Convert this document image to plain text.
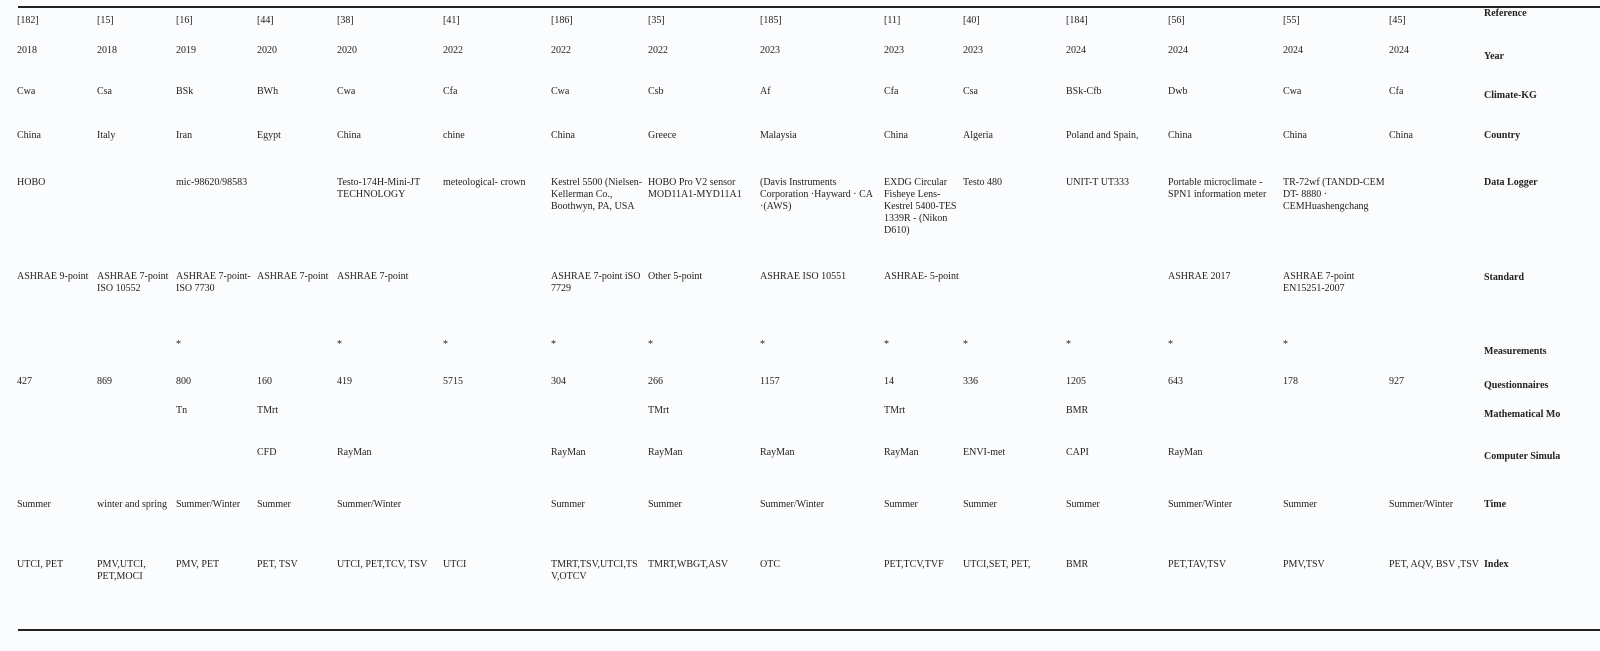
[182]	[15]	[16]	[44]	[38]	[41]	[186]	[35]	[185]	[11]	[40]	[184]	[56]	[55]	[45]	Reference
2018	2018	2019	2020	2020	2022	2022	2022	2023	2023	2023	2024	2024	2024	2024	Year
Cwa	Csa	BSk	BWh	Cwa	Cfa	Cwa	Csb	Af	Cfa	Csa	BSk-Cfb	Dwb	Cwa	Cfa	Climate-KG
China	Italy	Iran	Egypt	China	chine	China	Greece	Malaysia	China	Algeria	Poland and Spain,	China	China	China	Country
HOBO		mic-98620/98583		Testo-174H-Mini-JT TECHNOLOGY	meteological- crown	Kestrel 5500 (Nielsen- Kellerman Co., Boothwyn, PA, USA	HOBO Pro V2 sensor MOD11A1-MYD11A1	(Davis Instruments Corporation ·Hayward · CA ·(AWS)	EXDG Circular Fisheye Lens- Kestrel 5400-TES 1339R - (Nikon D610)	Testo 480	UNIT-T UT333	Portable microclimate - SPN1 information meter	TR-72wf (TANDD-CEM DT- 8880 · CEMHuashengchang		Data Logger
ASHRAE 9-point	ASHRAE 7-point ISO 10552	ASHRAE 7-point- ISO 7730	ASHRAE 7-point	ASHRAE 7-point		ASHRAE 7-point iSO 7729	Other 5-point	ASHRAE ISO 10551	ASHRAE- 5-point			ASHRAE 2017	ASHRAE 7-point EN15251-2007		Standard
		*		*	*	*	*	*	*	*	*	*	*		Measurements
427	869	800	160	419	5715	304	266	1157	14	336	1205	643	178	927	Questionnaires
		Tn	TMrt				TMrt		TMrt		BMR				Mathematical Mo
			CFD	RayMan		RayMan	RayMan	RayMan	RayMan	ENVI-met	CAPI	RayMan			Computer Simula
Summer	winter and spring	Summer/Winter	Summer	Summer/Winter		Summer	Summer	Summer/Winter	Summer	Summer	Summer	Summer/Winter	Summer	Summer/Winter	Time
UTCI, PET	PMV,UTCI, PET,MOCI	PMV, PET	PET, TSV	UTCI, PET,TCV, TSV	UTCI	TMRT,TSV,UTCI,TS V,OTCV	TMRT,WBGT,ASV	OTC	PET,TCV,TVF	UTCI,SET, PET,	BMR	PET,TAV,TSV	PMV,TSV	PET, AQV, BSV ,TSV	Index
